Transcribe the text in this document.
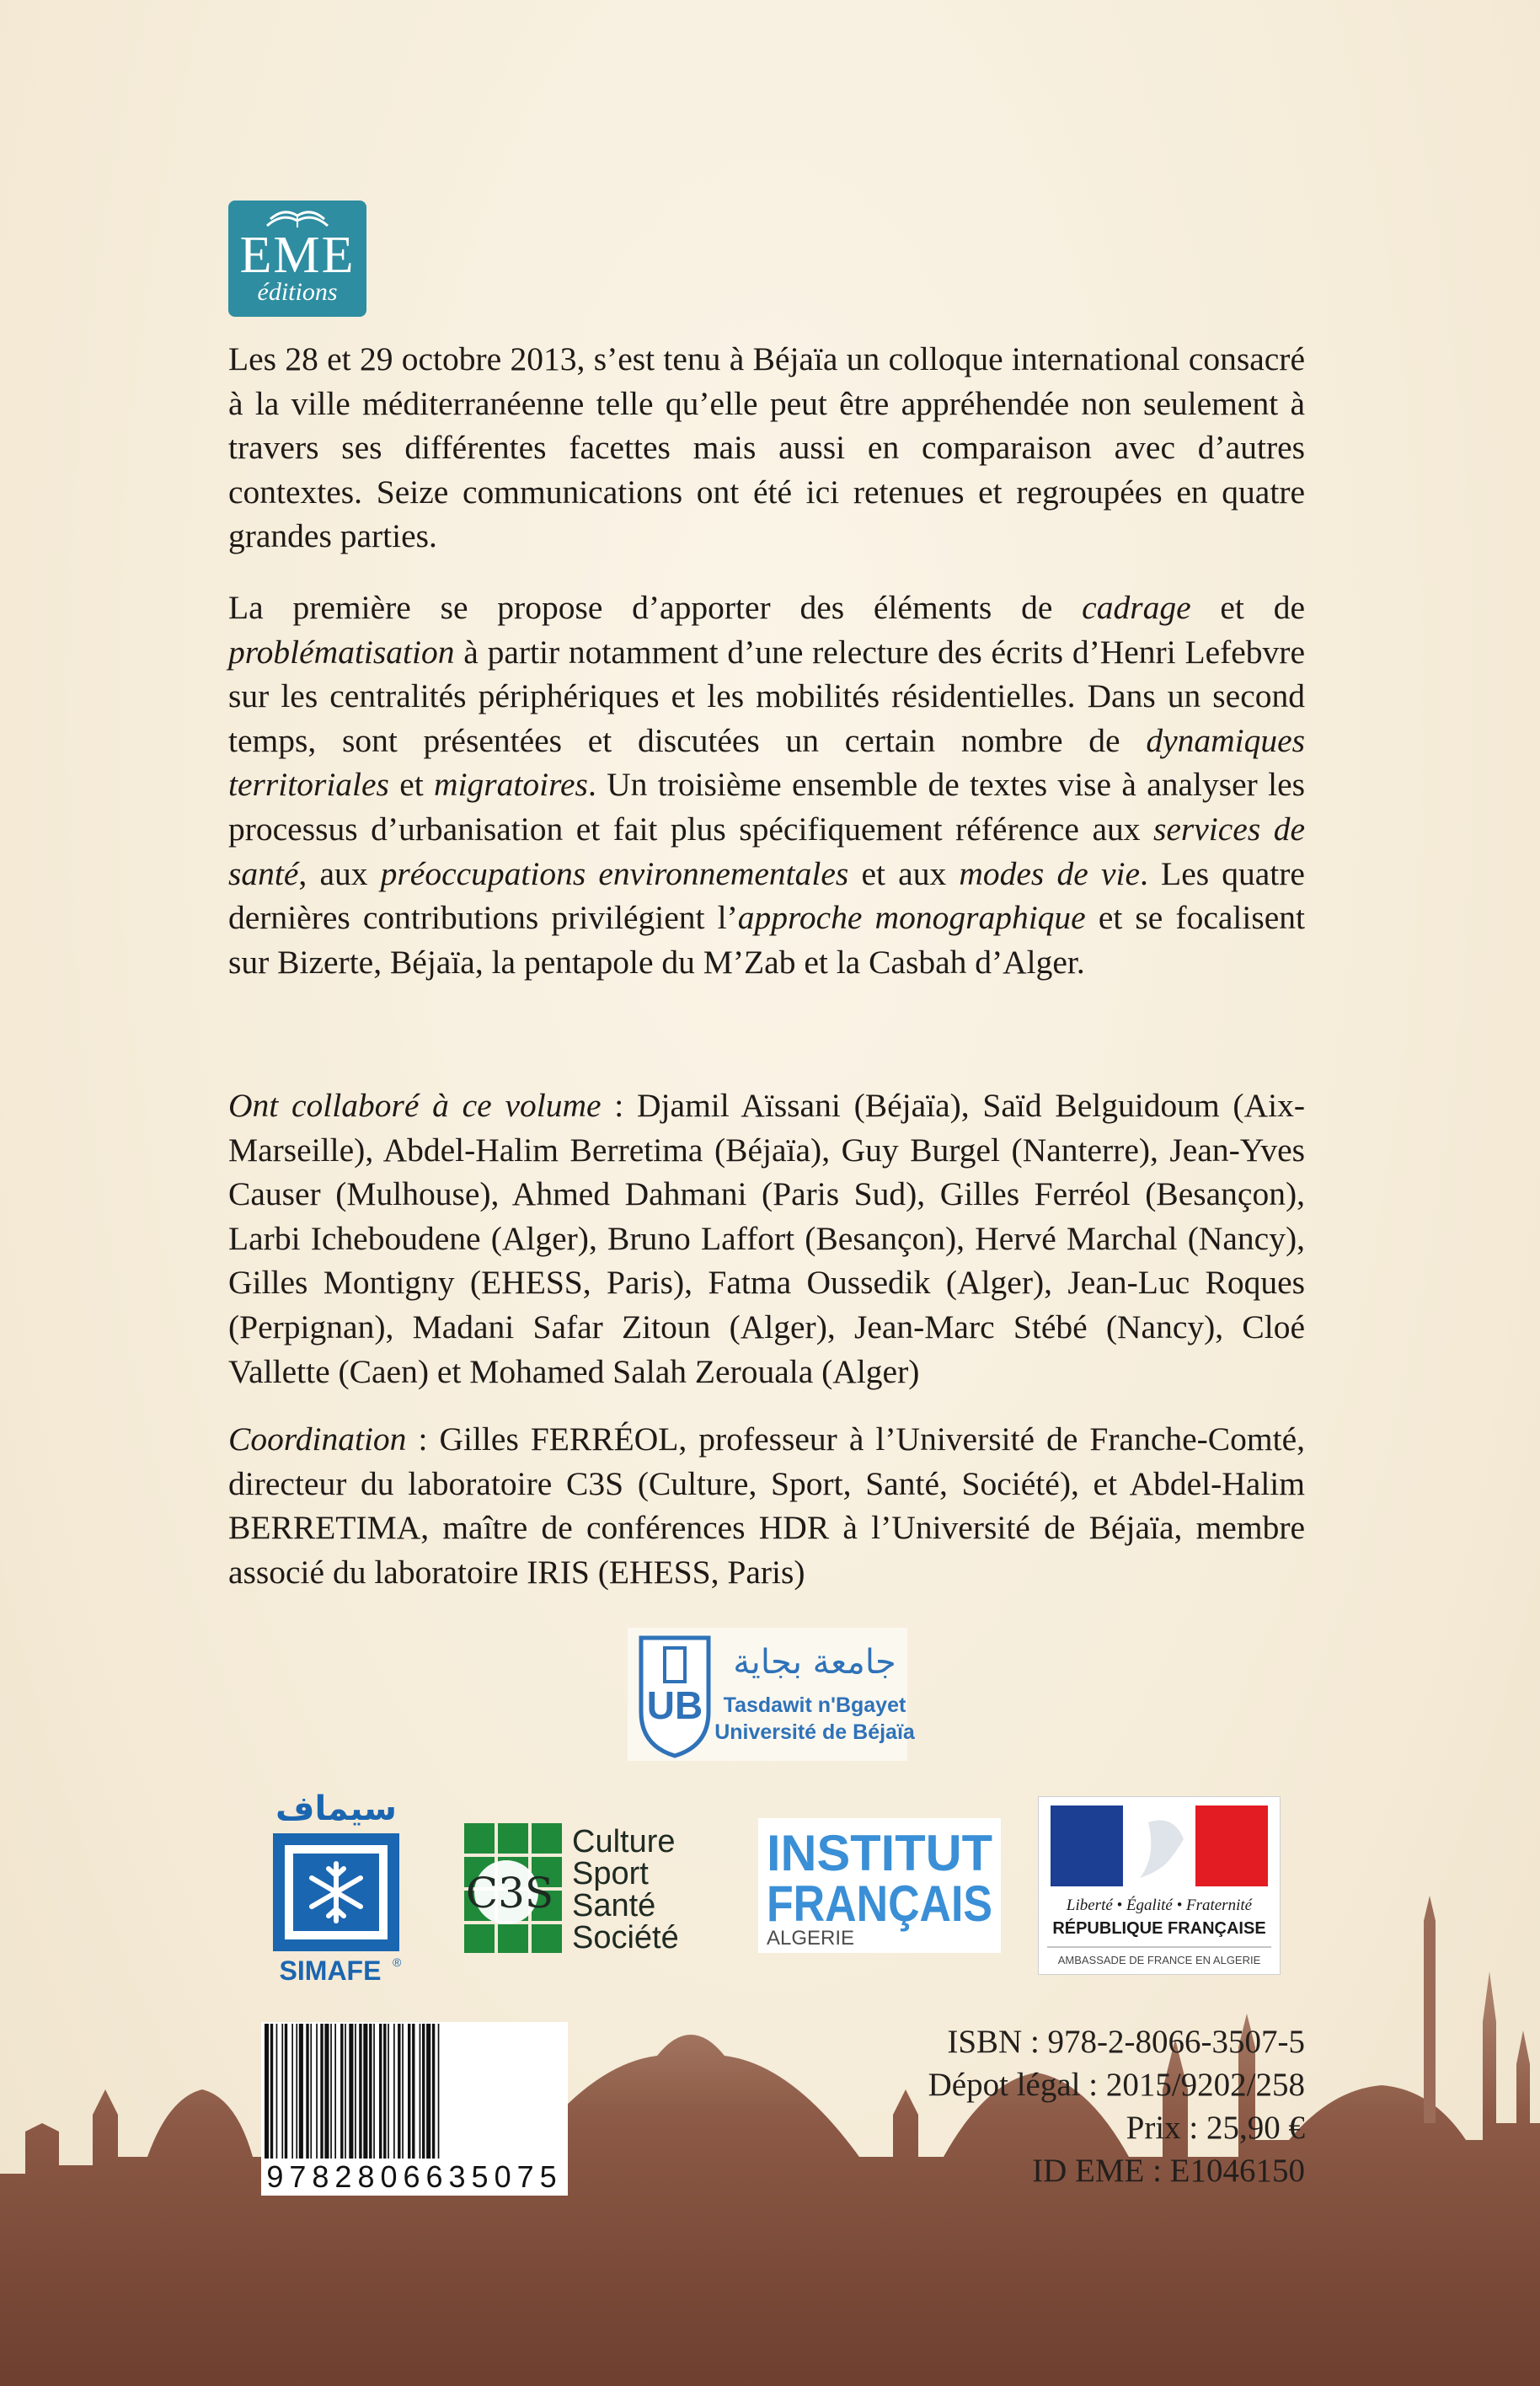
EME
éditions

Les 28 et 29 octobre 2013, s’est tenu à Béjaïa un colloque international consacré à la ville méditerranéenne telle qu’elle peut être appréhendée non seulement à travers ses différentes facettes mais aussi en comparaison avec d’autres contextes. Seize communications ont été ici retenues et regroupées en quatre grandes parties.

La première se propose d’apporter des éléments de cadrage et de problématisation à partir notamment d’une relecture des écrits d’Henri Lefebvre sur les centralités périphériques et les mobilités résidentielles. Dans un second temps, sont présentées et discutées un certain nombre de dynamiques territoriales et migratoires. Un troisième ensemble de textes vise à analyser les processus d’urbanisation et fait plus spécifiquement référence aux services de santé, aux préoccupations environnementales et aux modes de vie. Les quatre dernières contributions privilégient l’approche monographique et se focalisent sur Bizerte, Béjaïa, la pentapole du M’Zab et la Casbah d’Alger.

Ont collaboré à ce volume : Djamil Aïssani (Béjaïa), Saïd Belguidoum (Aix-Marseille), Abdel-Halim Berretima (Béjaïa), Guy Burgel (Nanterre), Jean-Yves Causer (Mulhouse), Ahmed Dahmani (Paris Sud), Gilles Ferréol (Besançon), Larbi Icheboudene (Alger), Bruno Laffort (Besançon), Hervé Marchal (Nancy), Gilles Montigny (EHESS, Paris), Fatma Oussedik (Alger), Jean-Luc Roques (Perpignan), Madani Safar Zitoun (Alger), Jean-Marc Stébé (Nancy), Cloé Vallette (Caen) et Mohamed Salah Zerouala (Alger)

Coordination : Gilles FERRÉOL, professeur à l’Université de Franche-Comté, directeur du laboratoire C3S (Culture, Sport, Santé, Société), et Abdel-Halim BERRETIMA, maître de conférences HDR à l’Université de Béjaïa, membre associé du laboratoire IRIS (EHESS, Paris)

UB
جامعة بجاية
Tasdawit n'Bgayet
Université de Béjaïa
سيماف
SIMAFE ®
C3S
Culture
Sport
Santé
Société
INSTITUT
FRANÇAIS
ALGERIE
Liberté • Égalité • Fraternité
RÉPUBLIQUE FRANÇAISE
AMBASSADE DE FRANCE EN ALGERIE
9782806635075
ISBN : 978-2-8066-3507-5
Dépot légal : 2015/9202/258
Prix : 25,90 €
ID EME : E1046150
